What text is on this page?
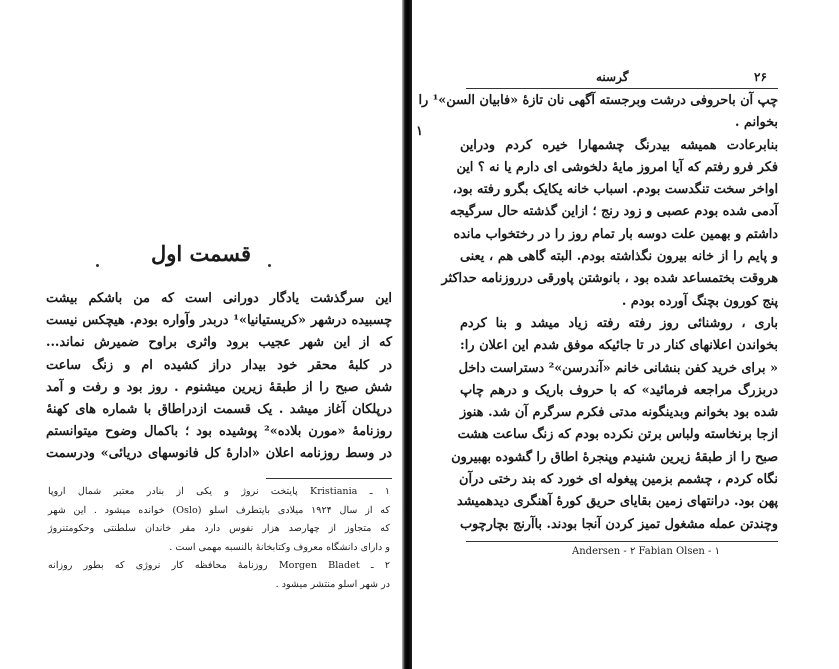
قسمت اول
این سرگذشت یادگار دورانی است که من باشکم بیشت
چسبیده درشهر «کریستیانیا»¹ دربدر وآواره بودم. هیچکس نیست
که از این شهر عجیب برود واثری براوح ضمیرش نماند...
در کلبهٔ محقر خود بیدار دراز کشیده ام و زنگ ساعت
شش صبح را از طبقهٔ زیرین میشنوم . روز بود و رفت و آمد
درپلکان آغاز میشد . یک قسمت ازدراطاق با شماره های کهنهٔ
روزنامهٔ «مورن بلاده»² پوشیده بود ؛ باکمال وضوح میتوانستم
در وسط روزنامه اعلان «ادارهٔ کل فانوسهای دریائی» ودرسمت
۱ ـ Kristiania پایتخت نروژ و یکی از بنادر معتبر شمال اروپا
که از سال ۱۹۲۴ میلادی بایتطرف اسلو (Oslo) خوانده میشود . این شهر
که متجاوز از چهارصد هزار نفوس دارد مقر خاندان سلطنتی وحکومتنروژ
و دارای دانشگاه معروف وکتابخانهٔ بالنسبه مهمی است .
۲ ـ Morgen Bladet روزنامهٔ محافظه کار نروژی که بطور روزانه
در شهر اسلو منتشر میشود .
۲۶
گرسنه
۱
چپ آن باحروفی درشت وبرجسته آگهی نان تازهٔ «فابیان السن»¹ را
بخوانم .
بنابرعادت همیشه بیدرنگ چشمهارا خیره کردم ودراین
فکر فرو رفتم که آیا امروز مایهٔ دلخوشی ای دارم یا نه ؟ این
اواخر سخت تنگدست بودم. اسباب خانه یکایک بگرو رفته بود،
آدمی شده بودم عصبی و زود رنج ؛ ازاین گذشته حال سرگیجه
داشتم و بهمین علت دوسه بار تمام روز را در رختخواب مانده
و پایم را از خانه بیرون نگذاشته بودم. البته گاهی هم ، یعنی
هروقت بختمساعد شده بود ، بانوشتن پاورقی درروزنامه حداکثر
پنج کورون بچنگ آورده بودم .
باری ، روشنائی روز رفته رفته زیاد میشد و بنا کردم
بخواندن اعلانهای کنار در تا جائیکه موفق شدم این اعلان را:
« برای خرید کفن بنشانی خانم «آندرسن»² دستراست داخل
دربزرگ مراجعه فرمائید» که با حروف باریک و درهم چاپ
شده بود بخوانم وبدینگونه مدتی فکرم سرگرم آن شد. هنوز
ازجا برنخاسته ولباس برتن نکرده بودم که زنگ ساعت هشت
صبح را از طبقهٔ زیرین شنیدم وپنجرهٔ اطاق را گشوده بهبیرون
نگاه کردم ، چشمم بزمین پیغوله ای خورد که بند رختی درآن
پهن بود. درانتهای زمین بقایای حریق کورهٔ آهنگری دیدهمیشد
وچندتن عمله مشغول تمیز کردن آنجا بودند. باآرنج بچارچوب
Andersen - ۲ Fabian Olsen - ۱
